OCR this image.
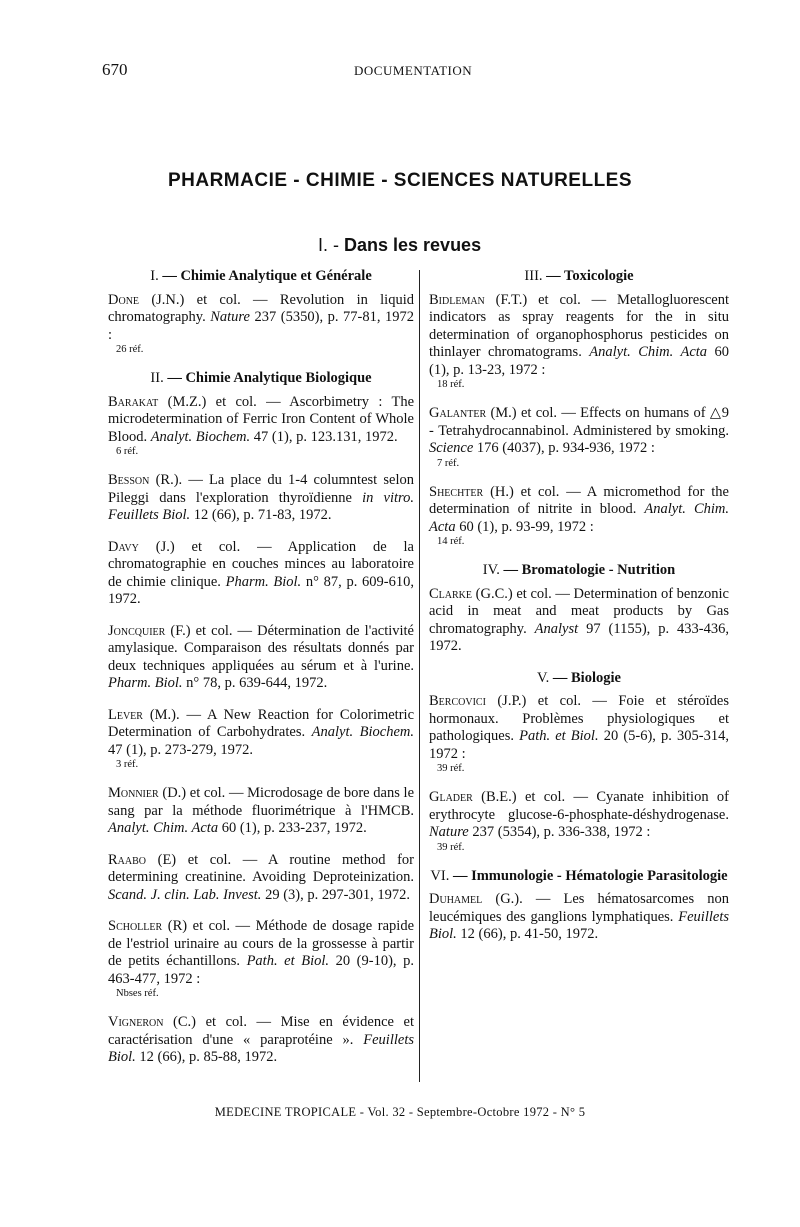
670	DOCUMENTATION
PHARMACIE - CHIMIE - SCIENCES NATURELLES
I. - Dans les revues
I. — Chimie Analytique et Générale
Done (J.N.) et col. — Revolution in liquid chromatography. Nature 237 (5350), p. 77-81, 1972 :
26 réf.
II. — Chimie Analytique Biologique
Barakat (M.Z.) et col. — Ascorbimetry : The microdetermination of Ferric Iron Content of Whole Blood. Analyt. Biochem. 47 (1), p. 123.131, 1972.
6 réf.
Besson (R.). — La place du 1-4 columntest selon Pileggi dans l'exploration thyroïdienne in vitro. Feuillets Biol. 12 (66), p. 71-83, 1972.
Davy (J.) et col. — Application de la chromatographie en couches minces au laboratoire de chimie clinique. Pharm. Biol. n° 87, p. 609-610, 1972.
Joncquier (F.) et col. — Détermination de l'activité amylasique. Comparaison des résultats donnés par deux techniques appliquées au sérum et à l'urine. Pharm. Biol. n° 78, p. 639-644, 1972.
Lever (M.). — A New Reaction for Colorimetric Determination of Carbohydrates. Analyt. Biochem. 47 (1), p. 273-279, 1972.
3 réf.
Monnier (D.) et col. — Microdosage de bore dans le sang par la méthode fluorimétrique à l'HMCB. Analyt. Chim. Acta 60 (1), p. 233-237, 1972.
Raabo (E) et col. — A routine method for determining creatinine. Avoiding Deproteinization. Scand. J. clin. Lab. Invest. 29 (3), p. 297-301, 1972.
Scholler (R) et col. — Méthode de dosage rapide de l'estriol urinaire au cours de la grossesse à partir de petits échantillons. Path. et Biol. 20 (9-10), p. 463-477, 1972 :
Nbses réf.
Vigneron (C.) et col. — Mise en évidence et caractérisation d'une « paraprotéine ». Feuillets Biol. 12 (66), p. 85-88, 1972.
III. — Toxicologie
Bidleman (F.T.) et col. — Metallogluorescent indicators as spray reagents for the in situ determination of organophosphorus pesticides on thinlayer chromatograms. Analyt. Chim. Acta 60 (1), p. 13-23, 1972 :
18 réf.
Galanter (M.) et col. — Effects on humans of △9 - Tetrahydrocannabinol. Administered by smoking. Science 176 (4037), p. 934-936, 1972 :
7 réf.
Shechter (H.) et col. — A micromethod for the determination of nitrite in blood. Analyt. Chim. Acta 60 (1), p. 93-99, 1972 :
14 réf.
IV. — Bromatologie - Nutrition
Clarke (G.C.) et col. — Determination of benzonic acid in meat and meat products by Gas chromatography. Analyst 97 (1155), p. 433-436, 1972.
V. — Biologie
Bercovici (J.P.) et col. — Foie et stéroïdes hormonaux. Problèmes physiologiques et pathologiques. Path. et Biol. 20 (5-6), p. 305-314, 1972 :
39 réf.
Glader (B.E.) et col. — Cyanate inhibition of erythrocyte glucose-6-phosphate-déshydrogenase. Nature 237 (5354), p. 336-338, 1972 :
39 réf.
VI. — Immunologie - Hématologie Parasitologie
Duhamel (G.). — Les hématosarcomes non leucémiques des ganglions lymphatiques. Feuillets Biol. 12 (66), p. 41-50, 1972.
MEDECINE TROPICALE - Vol. 32 - Septembre-Octobre 1972 - N° 5
